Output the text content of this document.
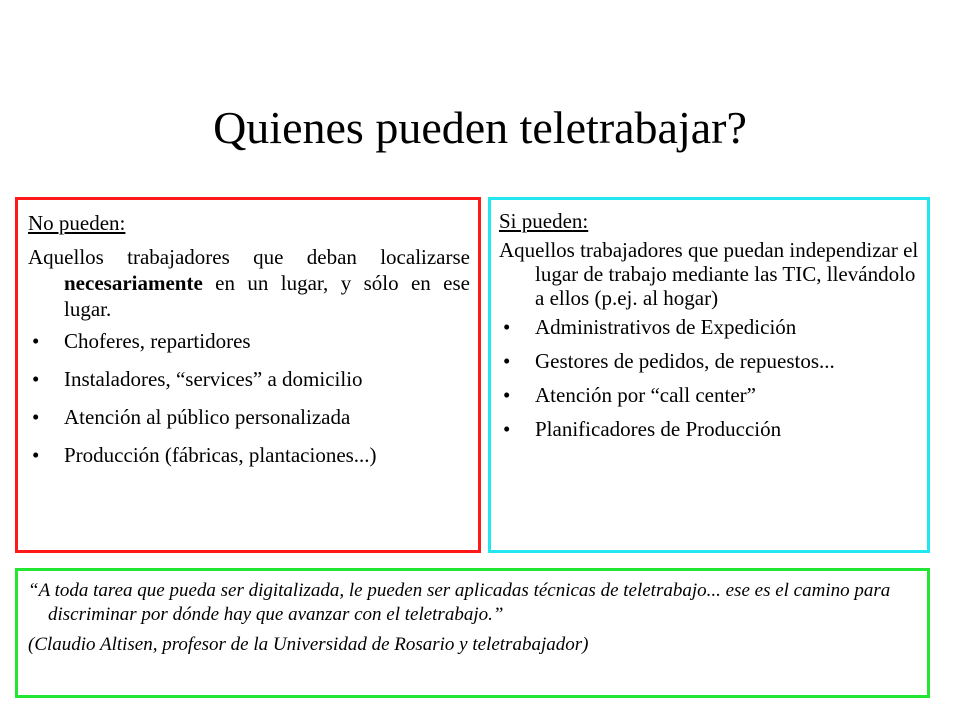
Quienes pueden teletrabajar?
No pueden:
Aquellos trabajadores que deban localizarse necesariamente en un lugar, y sólo en ese lugar.
• Choferes, repartidores
• Instaladores, “services” a domicilio
• Atención al público personalizada
• Producción (fábricas, plantaciones...)
Si pueden:
Aquellos trabajadores que puedan independizar el lugar de trabajo mediante las TIC, llevándolo a ellos (p.ej. al hogar)
• Administrativos de Expedición
• Gestores de pedidos, de repuestos...
• Atención por “call center”
• Planificadores de Producción
“A toda tarea que pueda ser digitalizada, le pueden ser aplicadas técnicas de teletrabajo... ese es el camino para discriminar por dónde hay que avanzar con el teletrabajo.”
(Claudio Altisen, profesor de la Universidad de Rosario y teletrabajador)
